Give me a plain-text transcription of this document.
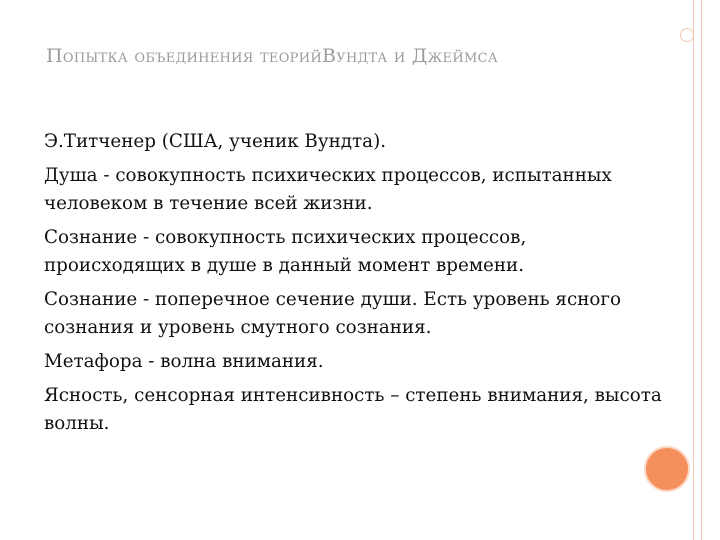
Попытка объединения теорийВундта и Джеймса
Э.Титченер (США, ученик Вундта).
Душа - совокупность психических процессов, испытанных человеком в течение всей жизни.
Сознание - совокупность психических процессов, происходящих в душе в данный момент времени.
Сознание - поперечное сечение души. Есть уровень ясного сознания и уровень смутного сознания.
Метафора - волна внимания.
Ясность, сенсорная интенсивность – степень внимания, высота волны.
